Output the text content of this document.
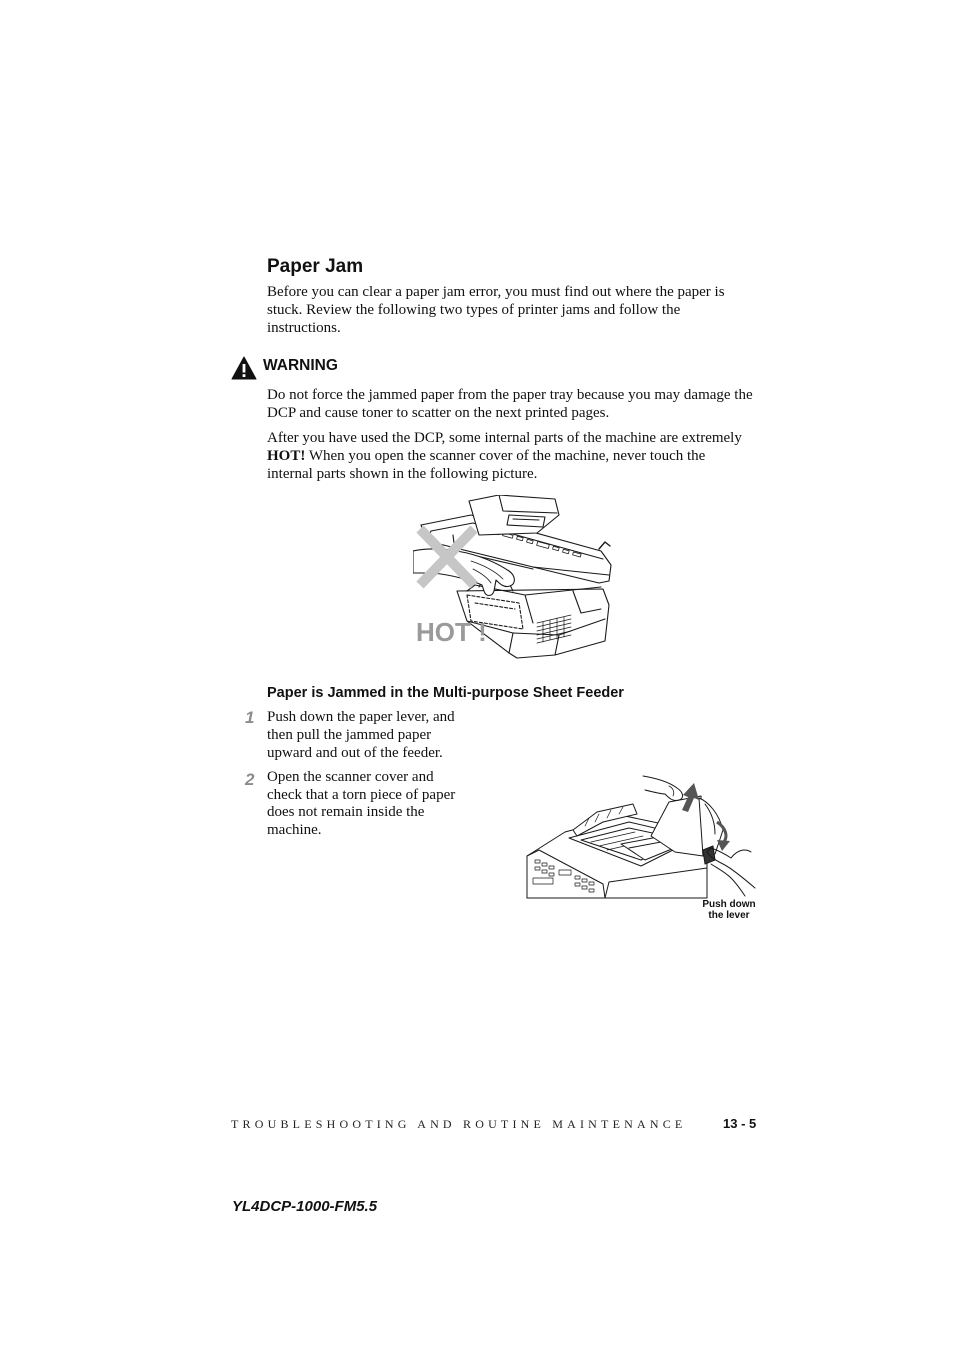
Paper Jam
Before you can clear a paper jam error, you must find out where the paper is
stuck. Review the following two types of printer jams and follow the
instructions.
WARNING
Do not force the jammed paper from the paper tray because you may damage the
DCP and cause toner to scatter on the next printed pages.
After you have used the DCP, some internal parts of the machine are extremely
HOT! When you open the scanner cover of the machine, never touch the
internal parts shown in the following picture.
HOT !
Paper is Jammed in the Multi-purpose Sheet Feeder
1 Push down the paper lever, and
then pull the jammed paper
upward and out of the feeder.
2 Open the scanner cover and
check that a torn piece of paper
does not remain inside the
machine.
Push down
the lever
TROUBLESHOOTING AND ROUTINE MAINTENANCE	13 - 5
YL4DCP-1000-FM5.5
